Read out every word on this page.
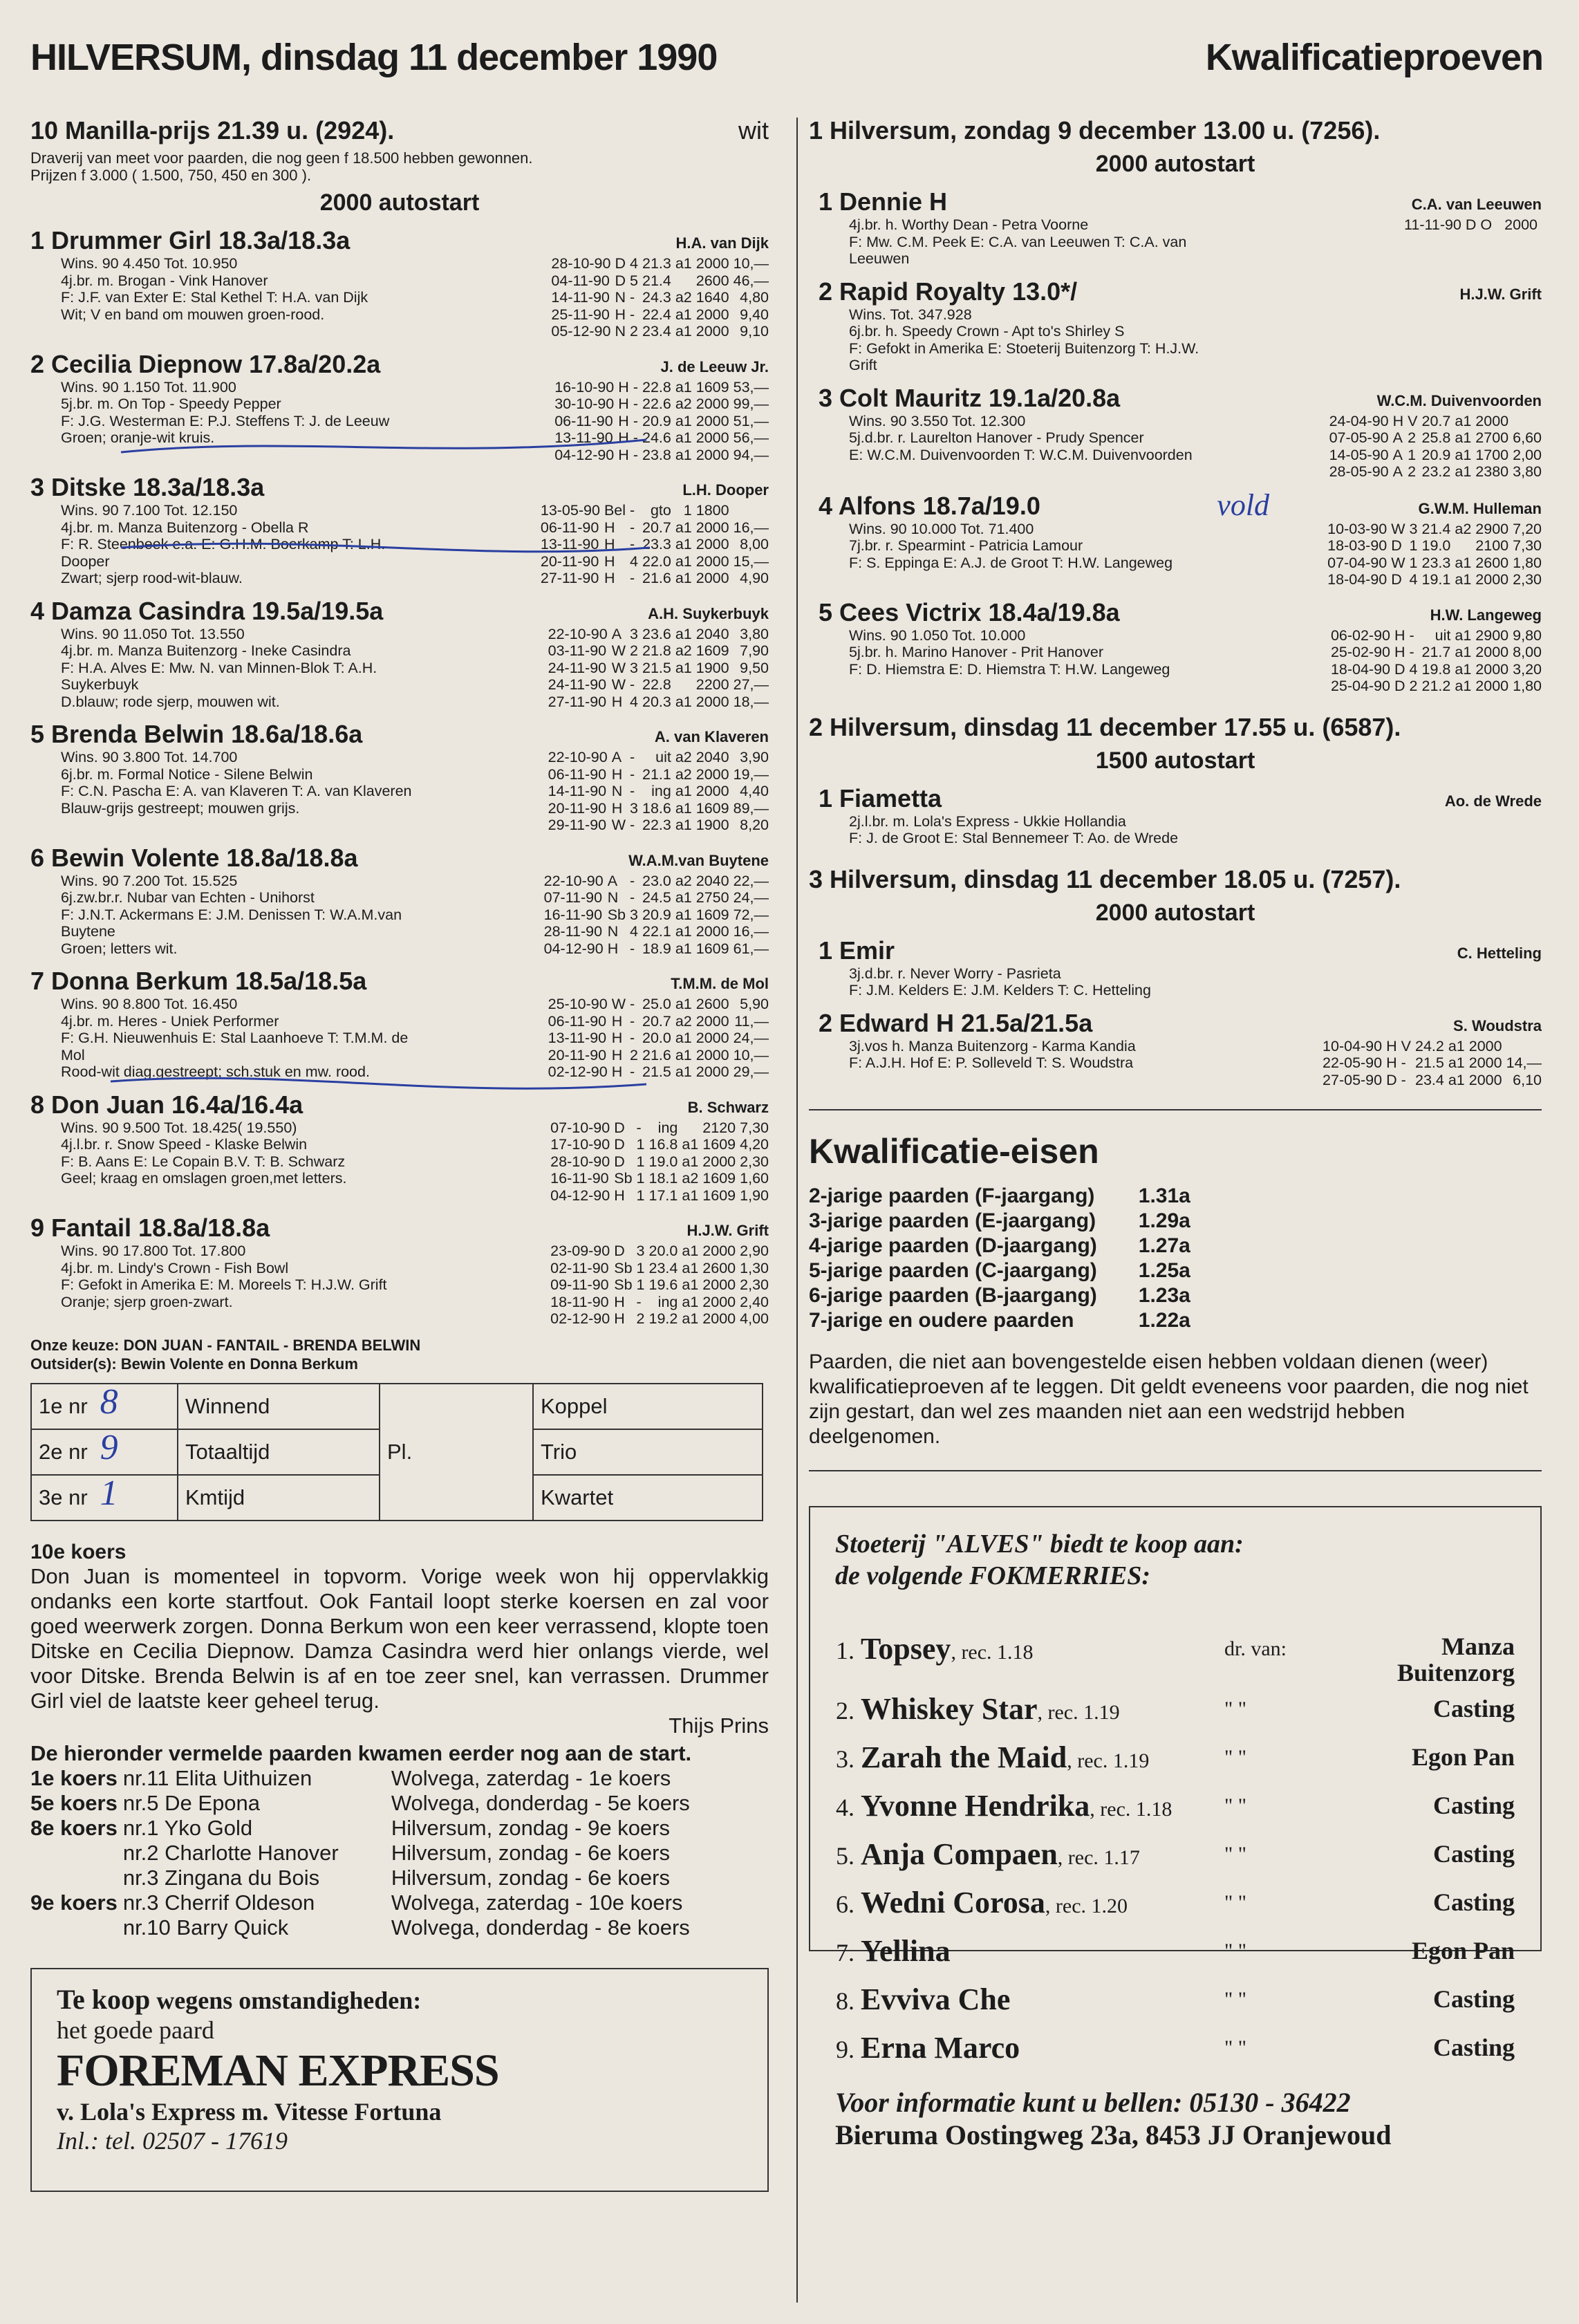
HILVERSUM, dinsdag 11 december 1990	Kwalificatieproeven
10 Manilla-prijs 21.39 u. (2924).	wit
Draverij van meet voor paarden, die nog geen f 18.500 hebben gewonnen.
Prijzen f 3.000 ( 1.500, 750, 450 en 300 ).
2000 autostart
1 Drummer Girl 18.3a/18.3a	H.A. van Dijk
Wins. 90 4.450 Tot. 10.950
4j.br. m. Brogan - Vink Hanover
F: J.F. van Exter E: Stal Kethel T: H.A. van Dijk
Wit; V en band om mouwen groen-rood.
28-10-90	D	4	21.3	a1	2000	10,—
04-11-90	D	5	21.4		2600	46,—
14-11-90	N	-	24.3	a2	1640	4,80
25-11-90	H	-	22.4	a1	2000	9,40
05-12-90	N	2	23.4	a1	2000	9,10
2 Cecilia Diepnow 17.8a/20.2a	J. de Leeuw Jr.
Wins. 90 1.150 Tot. 11.900
5j.br. m. On Top - Speedy Pepper
F: J.G. Westerman E: P.J. Steffens T: J. de Leeuw
Groen; oranje-wit kruis.
16-10-90	H	-	22.8	a1	1609	53,—
30-10-90	H	-	22.6	a2	2000	99,—
06-11-90	H	-	20.9	a1	2000	51,—
13-11-90	H	-	24.6	a1	2000	56,—
04-12-90	H	-	23.8	a1	2000	94,—
3 Ditske 18.3a/18.3a	L.H. Dooper
Wins. 90 7.100 Tot. 12.150
4j.br. m. Manza Buitenzorg - Obella R
F: R. Steenbeek e.a. E: G.H.M. Boerkamp T: L.H. Dooper
Zwart; sjerp rood-wit-blauw.
13-05-90	Bel	-	gto	1	1800	
06-11-90	H	-	20.7	a1	2000	16,—
13-11-90	H	-	23.3	a1	2000	8,00
20-11-90	H	4	22.0	a1	2000	15,—
27-11-90	H	-	21.6	a1	2000	4,90
4 Damza Casindra 19.5a/19.5a	A.H. Suykerbuyk
Wins. 90 11.050 Tot. 13.550
4j.br. m. Manza Buitenzorg - Ineke Casindra
F: H.A. Alves E: Mw. N. van Minnen-Blok T: A.H. Suykerbuyk
D.blauw; rode sjerp, mouwen wit.
22-10-90	A	3	23.6	a1	2040	3,80
03-11-90	W	2	21.8	a2	1609	7,90
24-11-90	W	3	21.5	a1	1900	9,50
24-11-90	W	-	22.8		2200	27,—
27-11-90	H	4	20.3	a1	2000	18,—
5 Brenda Belwin 18.6a/18.6a	A. van Klaveren
Wins. 90 3.800 Tot. 14.700
6j.br. m. Formal Notice - Silene Belwin
F: C.N. Pascha E: A. van Klaveren T: A. van Klaveren
Blauw-grijs gestreept; mouwen grijs.
22-10-90	A	-	uit	a2	2040	3,90
06-11-90	H	-	21.1	a2	2000	19,—
14-11-90	N	-	ing	a1	2000	4,40
20-11-90	H	3	18.6	a1	1609	89,—
29-11-90	W	-	22.3	a1	1900	8,20
6 Bewin Volente 18.8a/18.8a	W.A.M.van Buytene
Wins. 90 7.200 Tot. 15.525
6j.zw.br.r. Nubar van Echten - Unihorst
F: J.N.T. Ackermans E: J.M. Denissen T: W.A.M.van Buytene
Groen; letters wit.
22-10-90	A	-	23.0	a2	2040	22,—
07-11-90	N	-	24.5	a1	2750	24,—
16-11-90	Sb	3	20.9	a1	1609	72,—
28-11-90	N	4	22.1	a1	2000	16,—
04-12-90	H	-	18.9	a1	1609	61,—
7 Donna Berkum 18.5a/18.5a	T.M.M. de Mol
Wins. 90 8.800 Tot. 16.450
4j.br. m. Heres - Uniek Performer
F: G.H. Nieuwenhuis E: Stal Laanhoeve T: T.M.M. de Mol
Rood-wit diag.gestreept; sch.stuk en mw. rood.
25-10-90	W	-	25.0	a1	2600	5,90
06-11-90	H	-	20.7	a2	2000	11,—
13-11-90	H	-	20.0	a1	2000	24,—
20-11-90	H	2	21.6	a1	2000	10,—
02-12-90	H	-	21.5	a1	2000	29,—
8 Don Juan 16.4a/16.4a	B. Schwarz
Wins. 90 9.500 Tot. 18.425( 19.550)
4j.l.br. r. Snow Speed - Klaske Belwin
F: B. Aans E: Le Copain B.V. T: B. Schwarz
Geel; kraag en omslagen groen,met letters.
07-10-90	D	-	ing		2120	7,30
17-10-90	D	1	16.8	a1	1609	4,20
28-10-90	D	1	19.0	a1	2000	2,30
16-11-90	Sb	1	18.1	a2	1609	1,60
04-12-90	H	1	17.1	a1	1609	1,90
9 Fantail 18.8a/18.8a	H.J.W. Grift
Wins. 90 17.800 Tot. 17.800
4j.br. m. Lindy's Crown - Fish Bowl
F: Gefokt in Amerika E: M. Moreels T: H.J.W. Grift
Oranje; sjerp groen-zwart.
23-09-90	D	3	20.0	a1	2000	2,90
02-11-90	Sb	1	23.4	a1	2600	1,30
09-11-90	Sb	1	19.6	a1	2000	2,30
18-11-90	H	-	ing	a1	2000	2,40
02-12-90	H	2	19.2	a1	2000	4,00
Onze keuze: DON JUAN - FANTAIL - BRENDA BELWIN
Outsider(s): Bewin Volente en Donna Berkum
1e nr 8	Winnend	Pl.	Koppel
2e nr 9	Totaaltijd		Trio
3e nr 1	Kmtijd		Kwartet
10e koers
Don Juan is momenteel in topvorm. Vorige week won hij oppervlakkig ondanks een korte startfout. Ook Fantail loopt sterke koersen en zal voor goed weerwerk zorgen. Donna Berkum won een keer verrassend, klopte toen Ditske en Cecilia Diepnow. Damza Casindra werd hier onlangs vierde, wel voor Ditske. Brenda Belwin is af en toe zeer snel, kan verrassen. Drummer Girl viel de laatste keer geheel terug.
Thijs Prins
De hieronder vermelde paarden kwamen eerder nog aan de start.
1e koers	nr.11 Elita Uithuizen	Wolvega, zaterdag - 1e koers
5e koers	nr.5 De Epona	Wolvega, donderdag - 5e koers
8e koers	nr.1 Yko Gold	Hilversum, zondag - 9e koers
	nr.2 Charlotte Hanover	Hilversum, zondag - 6e koers
	nr.3 Zingana du Bois	Hilversum, zondag - 6e koers
9e koers	nr.3 Cherrif Oldeson	Wolvega, zaterdag - 10e koers
	nr.10 Barry Quick	Wolvega, donderdag - 8e koers
Te koop wegens omstandigheden:
het goede paard
FOREMAN EXPRESS
v. Lola's Express m. Vitesse Fortuna
Inl.: tel. 02507 - 17619
1 Hilversum, zondag 9 december 13.00 u. (7256).
2000 autostart
1 Dennie H	C.A. van Leeuwen
4j.br. h. Worthy Dean - Petra Voorne
F: Mw. C.M. Peek E: C.A. van Leeuwen T: C.A. van Leeuwen
11-11-90	D	O			2000	
2 Rapid Royalty 13.0*/	H.J.W. Grift
Wins. Tot. 347.928
6j.br. h. Speedy Crown - Apt to's Shirley S
F: Gefokt in Amerika E: Stoeterij Buitenzorg T: H.J.W. Grift
3 Colt Mauritz 19.1a/20.8a	W.C.M. Duivenvoorden
Wins. 90 3.550 Tot. 12.300
5j.d.br. r. Laurelton Hanover - Prudy Spencer
E: W.C.M. Duivenvoorden T: W.C.M. Duivenvoorden
24-04-90	H	V	20.7	a1	2000	
07-05-90	A	2	25.8	a1	2700	6,60
14-05-90	A	1	20.9	a1	1700	2,00
28-05-90	A	2	23.2	a1	2380	3,80
4 Alfons 18.7a/19.0	vold	G.W.M. Hulleman
Wins. 90 10.000 Tot. 71.400
7j.br. r. Spearmint - Patricia Lamour
F: S. Eppinga E: A.J. de Groot T: H.W. Langeweg
10-03-90	W	3	21.4	a2	2900	7,20
18-03-90	D	1	19.0		2100	7,30
07-04-90	W	1	23.3	a1	2600	1,80
18-04-90	D	4	19.1	a1	2000	2,30
5 Cees Victrix 18.4a/19.8a	H.W. Langeweg
Wins. 90 1.050 Tot. 10.000
5j.br. h. Marino Hanover - Prit Hanover
F: D. Hiemstra E: D. Hiemstra T: H.W. Langeweg
06-02-90	H	-	uit	a1	2900	9,80
25-02-90	H	-	21.7	a1	2000	8,00
18-04-90	D	4	19.8	a1	2000	3,20
25-04-90	D	2	21.2	a1	2000	1,80
2 Hilversum, dinsdag 11 december 17.55 u. (6587).
1500 autostart
1 Fiametta	Ao. de Wrede
2j.l.br. m. Lola's Express - Ukkie Hollandia
F: J. de Groot E: Stal Bennemeer T: Ao. de Wrede
3 Hilversum, dinsdag 11 december 18.05 u. (7257).
2000 autostart
1 Emir	C. Hetteling
3j.d.br. r. Never Worry - Pasrieta
F: J.M. Kelders E: J.M. Kelders T: C. Hetteling
2 Edward H 21.5a/21.5a	S. Woudstra
3j.vos h. Manza Buitenzorg - Karma Kandia
F: A.J.H. Hof E: P. Solleveld T: S. Woudstra
10-04-90	H	V	24.2	a1	2000	
22-05-90	H	-	21.5	a1	2000	14,—
27-05-90	D	-	23.4	a1	2000	6,10
Kwalificatie-eisen
2-jarige paarden (F-jaargang)	1.31a
3-jarige paarden (E-jaargang)	1.29a
4-jarige paarden (D-jaargang)	1.27a
5-jarige paarden (C-jaargang)	1.25a
6-jarige paarden (B-jaargang)	1.23a
7-jarige en oudere paarden	1.22a
Paarden, die niet aan bovengestelde eisen hebben voldaan dienen (weer) kwalificatieproeven af te leggen. Dit geldt eveneens voor paarden, die nog niet zijn gestart, dan wel zes maanden niet aan een wedstrijd hebben deelgenomen.
Stoeterij "ALVES" biedt te koop aan:
de volgende FOKMERRIES:
1. Topsey, rec. 1.18	dr. van:	Manza Buitenzorg
2. Whiskey Star, rec. 1.19	" "	Casting
3. Zarah the Maid, rec. 1.19	" "	Egon Pan
4. Yvonne Hendrika, rec. 1.18	" "	Casting
5. Anja Compaen, rec. 1.17	" "	Casting
6. Wedni Corosa, rec. 1.20	" "	Casting
7. Yellina	" "	Egon Pan
8. Evviva Che	" "	Casting
9. Erna Marco	" "	Casting
Voor informatie kunt u bellen: 05130 - 36422
Bieruma Oostingweg 23a, 8453 JJ Oranjewoud
